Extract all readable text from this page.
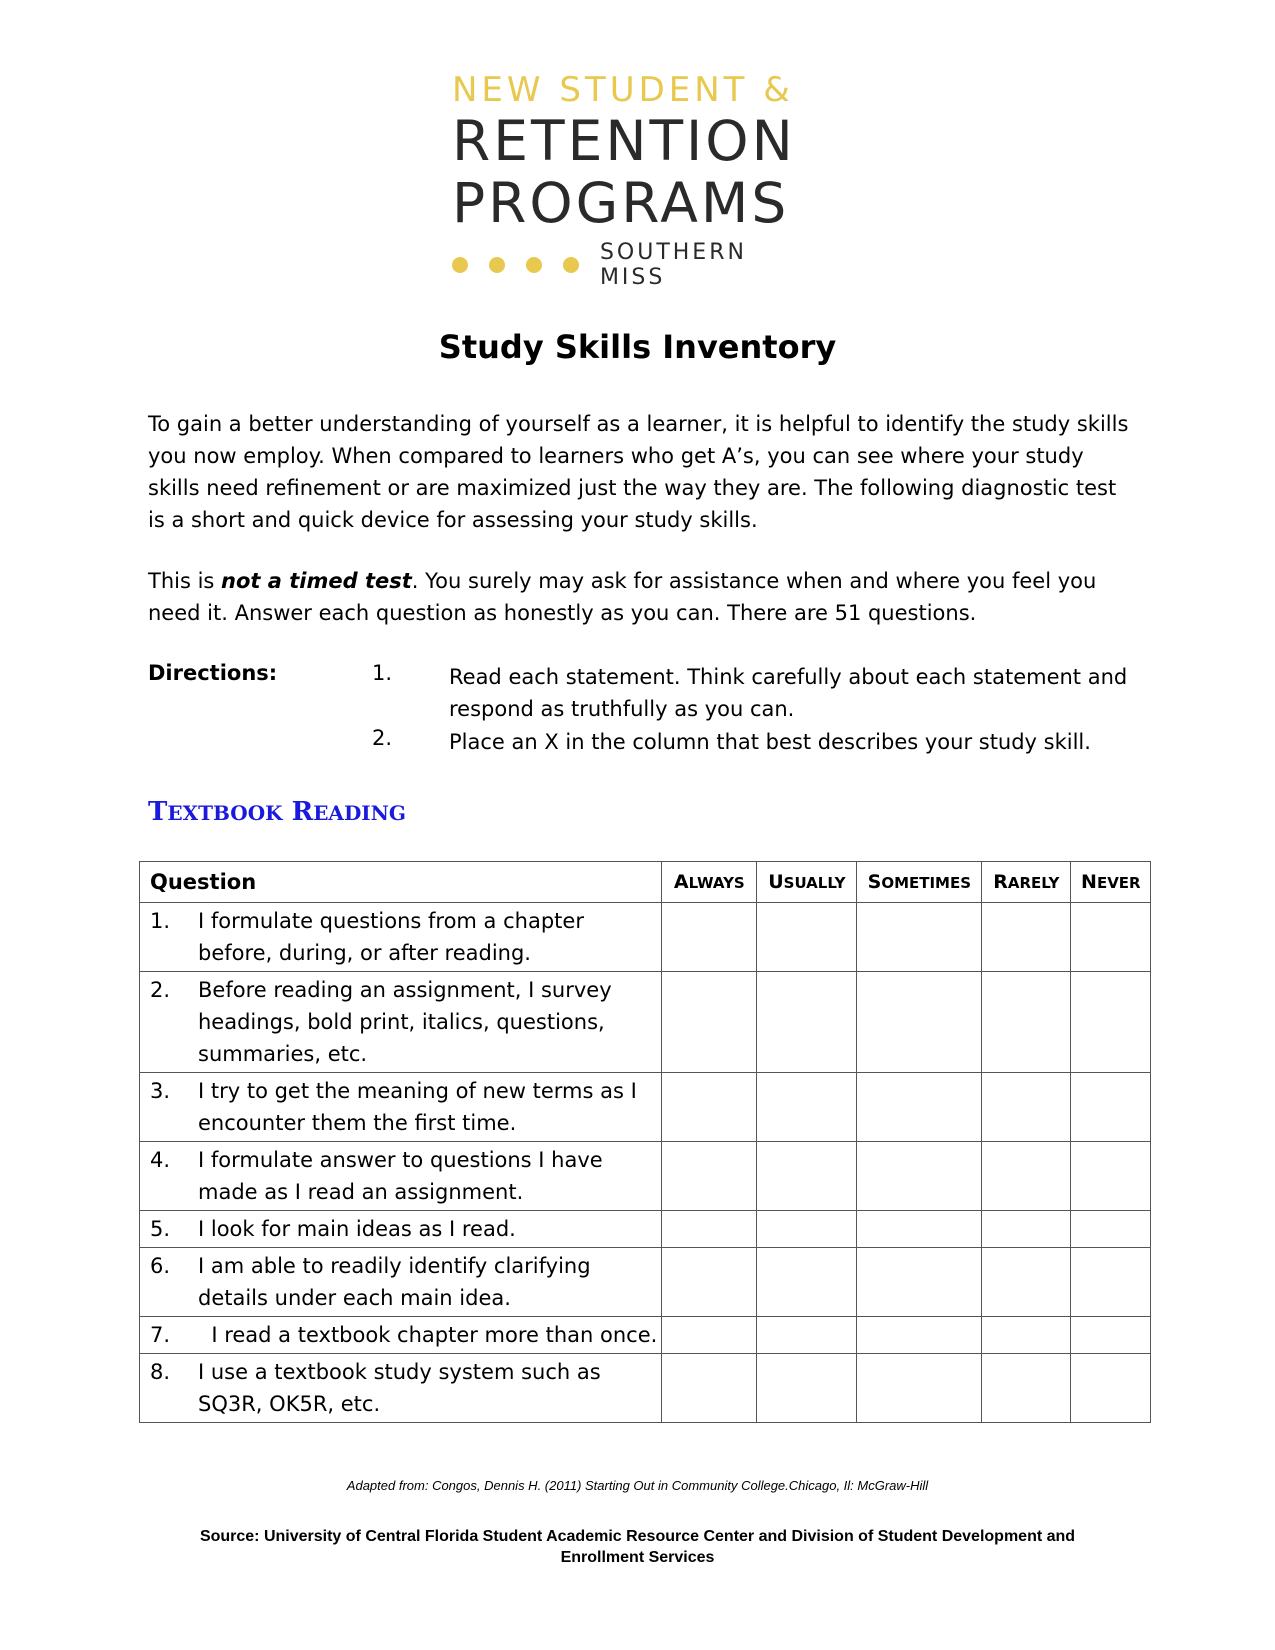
NEW STUDENT &
RETENTION
PROGRAMS
SOUTHERN MISS
Study Skills Inventory

To gain a better understanding of yourself as a learner, it is helpful to identify the study skills you now employ. When compared to learners who get A’s, you can see where your study skills need refinement or are maximized just the way they are. The following diagnostic test is a short and quick device for assessing your study skills.

This is not a timed test. You surely may ask for assistance when and where you feel you need it. Answer each question as honestly as you can. There are 51 questions.

Directions:	1.	Read each statement. Think carefully about each statement and respond as truthfully as you can.
2.	Place an X in the column that best describes your study skill.
TEXTBOOK READING
Question	ALWAYS	USUALLY	SOMETIMES	RARELY	NEVER

1. I formulate questions from a chapter before, during, or after reading.					

2. Before reading an assignment, I survey headings, bold print, italics, questions, summaries, etc.					

3. I try to get the meaning of new terms as I encounter them the first time.					

4. I formulate answer to questions I have made as I read an assignment.					

5. I look for main ideas as I read.					

6. I am able to readily identify clarifying details under each main idea.					

7. I read a textbook chapter more than once.					

8. I use a textbook study system such as SQ3R, OK5R, etc.					

Adapted from: Congos, Dennis H. (2011) Starting Out in Community College.Chicago, Il: McGraw-Hill
Source: University of Central Florida Student Academic Resource Center and Division of Student Development and Enrollment Services
